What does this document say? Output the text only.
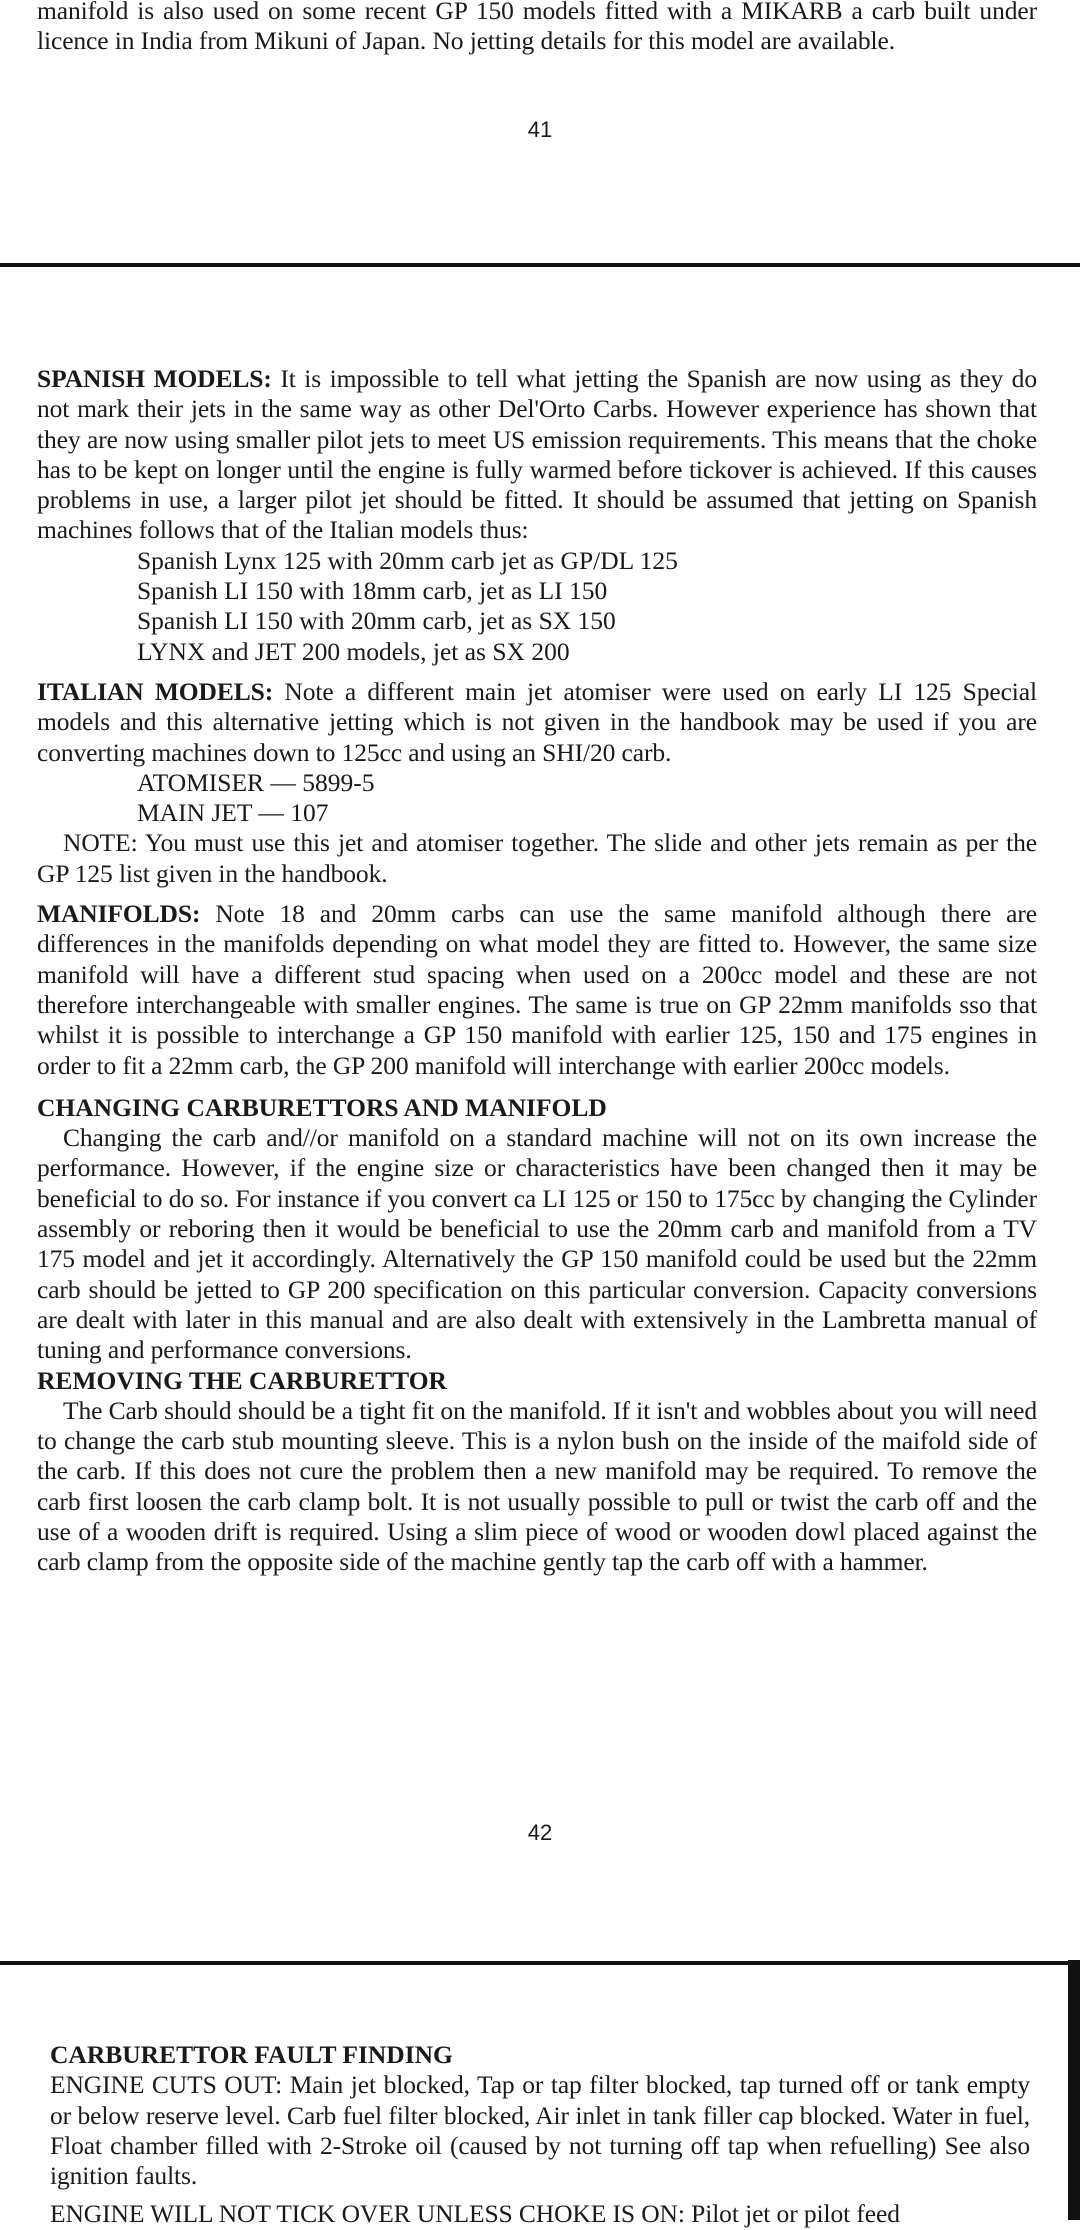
manifold is also used on some recent GP 150 models fitted with a MIKARB a carb built under licence in India from Mikuni of Japan. No jetting details for this model are available.

41

SPANISH MODELS: It is impossible to tell what jetting the Spanish are now using as they do not mark their jets in the same way as other Del'Orto Carbs. However experience has shown that they are now using smaller pilot jets to meet US emission requirements. This means that the choke has to be kept on longer until the engine is fully warmed before tickover is achieved. If this causes problems in use, a larger pilot jet should be fitted. It should be assumed that jetting on Spanish machines follows that of the Italian models thus:

Spanish Lynx 125 with 20mm carb jet as GP/DL 125
Spanish LI 150 with 18mm carb, jet as LI 150
Spanish LI 150 with 20mm carb, jet as SX 150
LYNX and JET 200 models, jet as SX 200

ITALIAN MODELS: Note a different main jet atomiser were used on early LI 125 Special models and this alternative jetting which is not given in the handbook may be used if you are converting machines down to 125cc and using an SHI/20 carb.

ATOMISER — 5899-5
MAIN JET — 107

NOTE: You must use this jet and atomiser together. The slide and other jets remain as per the GP 125 list given in the handbook.

MANIFOLDS: Note 18 and 20mm carbs can use the same manifold although there are differences in the manifolds depending on what model they are fitted to. However, the same size manifold will have a different stud spacing when used on a 200cc model and these are not therefore interchangeable with smaller engines. The same is true on GP 22mm manifolds sso that whilst it is possible to interchange a GP 150 manifold with earlier 125, 150 and 175 engines in order to fit a 22mm carb, the GP 200 manifold will interchange with earlier 200cc models.

CHANGING CARBURETTORS AND MANIFOLD

Changing the carb and//or manifold on a standard machine will not on its own increase the performance. However, if the engine size or characteristics have been changed then it may be beneficial to do so. For instance if you convert ca LI 125 or 150 to 175cc by changing the Cylinder assembly or reboring then it would be beneficial to use the 20mm carb and manifold from a TV 175 model and jet it accordingly. Alternatively the GP 150 manifold could be used but the 22mm carb should be jetted to GP 200 specification on this particular conversion. Capacity conversions are dealt with later in this manual and are also dealt with extensively in the Lambretta manual of tuning and performance conversions.

REMOVING THE CARBURETTOR

The Carb should should be a tight fit on the manifold. If it isn't and wobbles about you will need to change the carb stub mounting sleeve. This is a nylon bush on the inside of the maifold side of the carb. If this does not cure the problem then a new manifold may be required. To remove the carb first loosen the carb clamp bolt. It is not usually possible to pull or twist the carb off and the use of a wooden drift is required. Using a slim piece of wood or wooden dowl placed against the carb clamp from the opposite side of the machine gently tap the carb off with a hammer.

42

CARBURETTOR FAULT FINDING

ENGINE CUTS OUT: Main jet blocked, Tap or tap filter blocked, tap turned off or tank empty or below reserve level. Carb fuel filter blocked, Air inlet in tank filler cap blocked. Water in fuel, Float chamber filled with 2-Stroke oil (caused by not turning off tap when refuelling) See also ignition faults.

ENGINE WILL NOT TICK OVER UNLESS CHOKE IS ON: Pilot jet or pilot feed
